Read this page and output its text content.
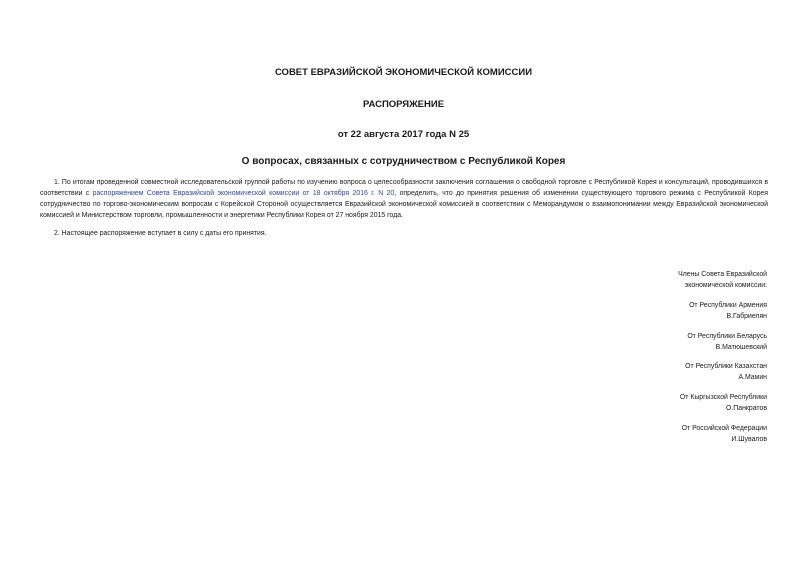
СОВЕТ ЕВРАЗИЙСКОЙ ЭКОНОМИЧЕСКОЙ КОМИССИИ
РАСПОРЯЖЕНИЕ
от 22 августа 2017 года N 25
О вопросах, связанных с сотрудничеством с Республикой Корея

1. По итогам проведенной совместной исследовательской группой работы по изучению вопроса о целесообразности заключения соглашения о свободной торговле с Республикой Корея и консультаций, проводившихся в соответствии с распоряжением Совета Евразийской экономической комиссии от 18 октября 2016 г. N 20, определить, что до принятия решения об изменении существующего торгового режима с Республикой Корея сотрудничество по торгово-экономическим вопросам с Корейской Стороной осуществляется Евразийской экономической комиссией в соответствии с Меморандумом о взаимопонимании между Евразийской экономической комиссией и Министерством торговли, промышленности и энергетики Республики Корея от 27 ноября 2015 года.

2. Настоящее распоряжение вступает в силу с даты его принятия.

Члены Совета Евразийской
экономической комиссии:
От Республики Армения
В.Габриелян
От Республики Беларусь
В.Матюшевский
От Республики Казахстан
А.Мамин
От Кыргызской Республики
О.Панкратов
От Российской Федерации
И.Шувалов
